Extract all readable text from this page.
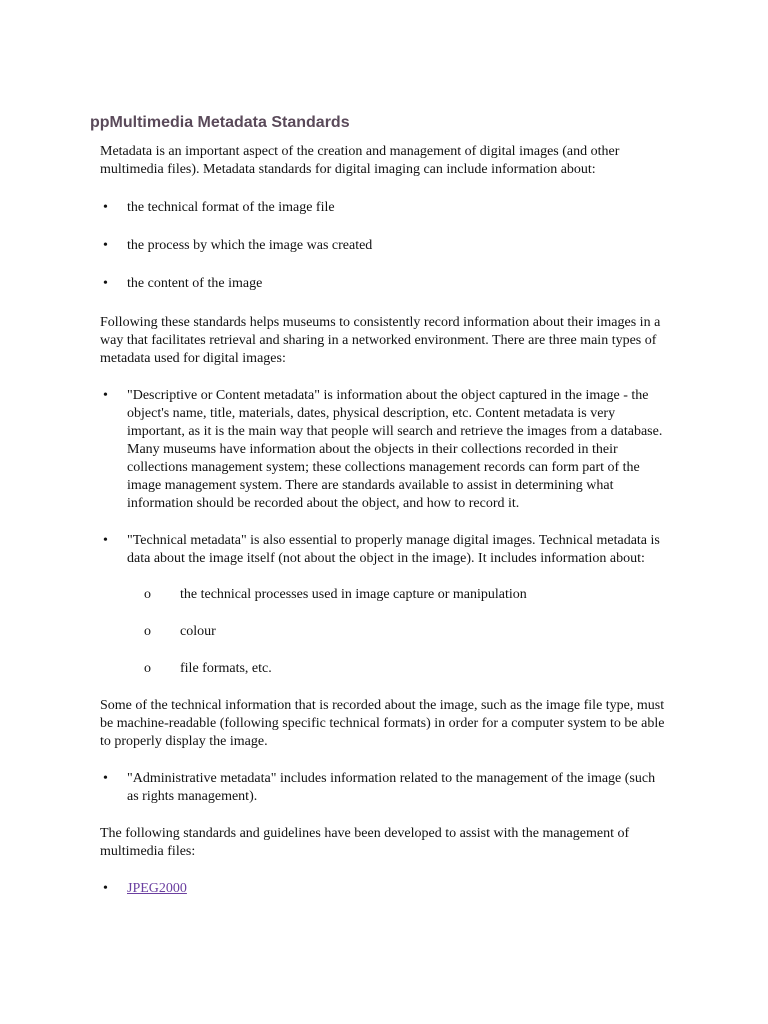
ppMultimedia Metadata Standards

Metadata is an important aspect of the creation and management of digital images (and other multimedia files). Metadata standards for digital imaging can include information about:

• the technical format of the image file
• the process by which the image was created
• the content of the image

Following these standards helps museums to consistently record information about their images in a way that facilitates retrieval and sharing in a networked environment. There are three main types of metadata used for digital images:

• "Descriptive or Content metadata" is information about the object captured in the image - the object's name, title, materials, dates, physical description, etc. Content metadata is very important, as it is the main way that people will search and retrieve the images from a database. Many museums have information about the objects in their collections recorded in their collections management system; these collections management records can form part of the image management system. There are standards available to assist in determining what information should be recorded about the object, and how to record it.
• "Technical metadata" is also essential to properly manage digital images. Technical metadata is data about the image itself (not about the object in the image). It includes information about:
o the technical processes used in image capture or manipulation
o colour
o file formats, etc.

Some of the technical information that is recorded about the image, such as the image file type, must be machine-readable (following specific technical formats) in order for a computer system to be able to properly display the image.

• "Administrative metadata" includes information related to the management of the image (such as rights management).

The following standards and guidelines have been developed to assist with the management of multimedia files:

• JPEG2000
